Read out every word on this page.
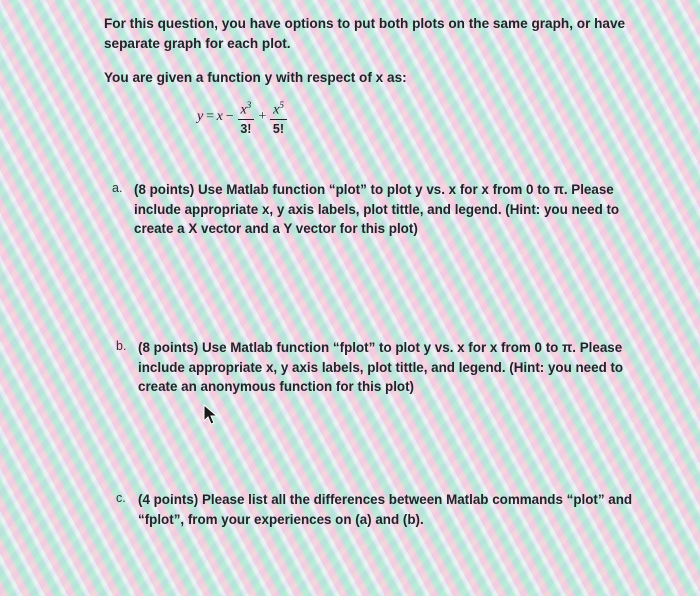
For this question, you have options to put both plots on the same graph, or have separate graph for each plot.
You are given a function y with respect of x as:
$y = x - \frac{x^3}{3!} + \frac{x^5}{5!}$
a. (8 points) Use Matlab function “plot” to plot y vs. x for x from 0 to π. Please include appropriate x, y axis labels, plot tittle, and legend. (Hint: you need to create a X vector and a Y vector for this plot)
b. (8 points) Use Matlab function “fplot” to plot y vs. x for x from 0 to π. Please include appropriate x, y axis labels, plot tittle, and legend. (Hint: you need to create an anonymous function for this plot)
c. (4 points) Please list all the differences between Matlab commands “plot” and “fplot”, from your experiences on (a) and (b).
